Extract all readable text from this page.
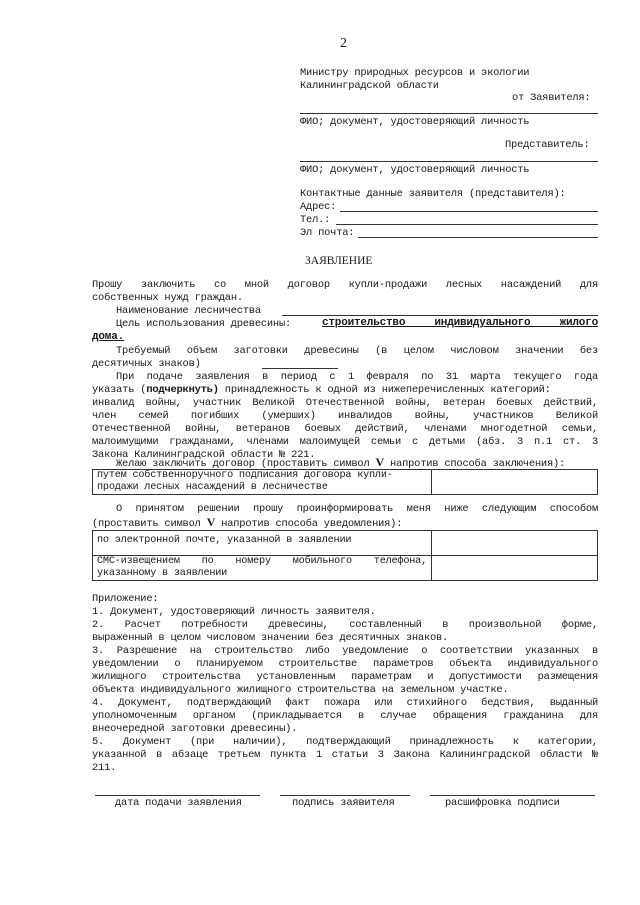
2
Министру природных ресурсов и экологии
Калининградской области
от Заявителя:
ФИО; документ, удостоверяющий личность
Представитель:
ФИО; документ, удостоверяющий личность
Контактные данные заявителя (представителя):
Адрес:
Тел.:
Эл почта:
ЗАЯВЛЕНИЕ
Прошу заключить со мной договор купли-продажи лесных насаждений для
собственных нужд граждан.
Наименование лесничества
Цель использования древесины:	строительство индивидуального жилого
дома.
Требуемый объем заготовки древесины (в целом числовом значении без
десятичных знаков)
При подаче заявления в период с 1 февраля по 31 марта текущего года
указать (подчеркнуть) принадлежность к одной из нижеперечисленных категорий:
инвалид войны, участник Великой Отечественной войны, ветеран боевых действий,
член семей погибших (умерших) инвалидов войны, участников Великой
Отечественной войны, ветеранов боевых действий, членами многодетной семьи,
малоимущими гражданами, членами малоимущей семьи с детьми (абз. 3 п.1 ст. 3
Закона Калининградской области № 221.
Желаю заключить договор (проставить символ V напротив способа заключения):
путем собственноручного подписания договора купли-
продажи лесных насаждений в лесничестве

О принятом решении прошу проинформировать меня ниже следующим способом
(проставить символ V напротив способа уведомления):
по электронной почте, указанной в заявлении	

СМС-извещением по номеру мобильного телефона,
указанному в заявлении	

Приложение:
1. Документ, удостоверяющий личность заявителя.
2. Расчет потребности древесины, составленный в произвольной форме,
выраженный в целом числовом значении без десятичных знаков.
3. Разрешение на строительство либо уведомление о соответствии указанных в
уведомлении о планируемом строительстве параметров объекта индивидуального
жилищного строительства установленным параметрам и допустимости размещения
объекта индивидуального жилищного строительства на земельном участке.
4. Документ, подтверждающий факт пожара или стихийного бедствия, выданный
уполномоченным органом (прикладывается в случае обращения гражданина для
внеочередной заготовки древесины).
5. Документ (при наличии), подтверждающий принадлежность к категории,
указанной в абзаце третьем пункта 1 статьи 3 Закона Калининградской области №
211.
дата подачи заявления	подпись заявителя	расшифровка подписи
